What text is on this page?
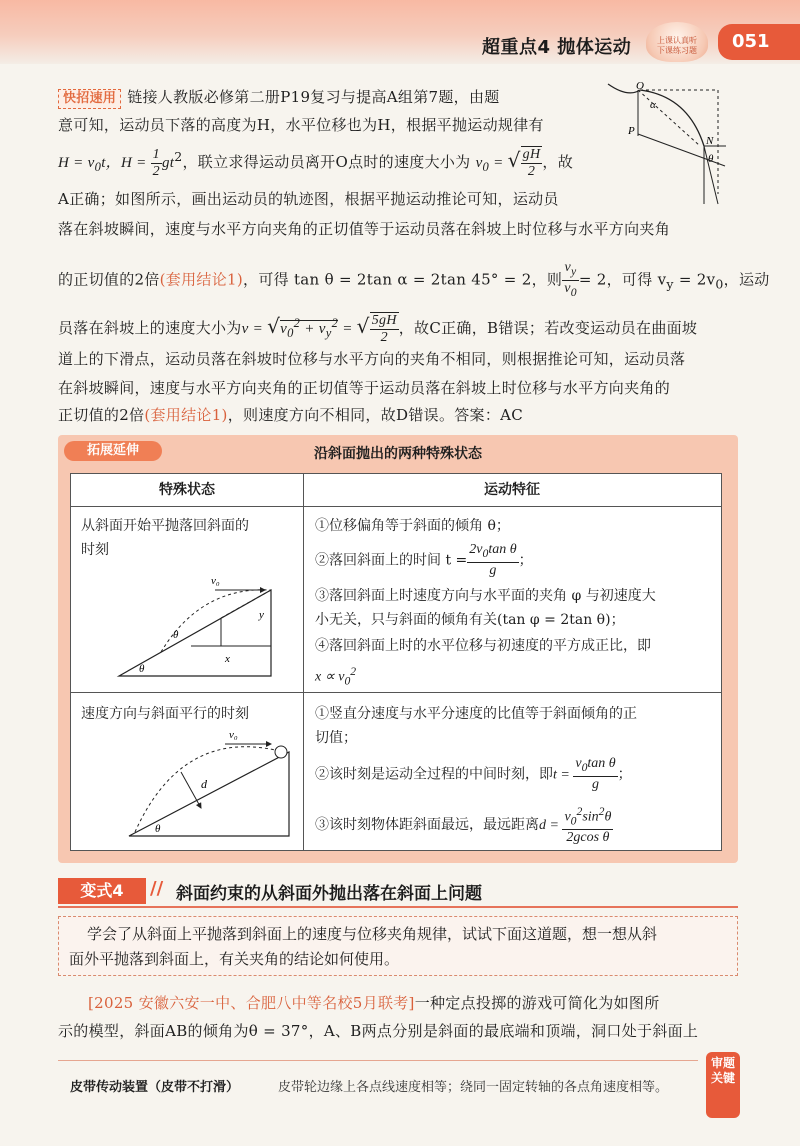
超重点4 抛体运动	上课认真听
下课练习题	051
快招速用 链接人教版必修第二册P19复习与提高A组第7题，由题
意可知，运动员下落的高度为H，水平位移也为H，根据平抛运动规律有
$H = v_0t$，$H = \frac{1}{2} gt^2$，联立求得运动员离开O点时的速度大小为 $v_0$ = √ $\frac{gH}{2}$ ，故
A正确；如图所示，画出运动员的轨迹图，根据平抛运动推论可知，运动员
落在斜坡瞬间，速度与水平方向夹角的正切值等于运动员落在斜坡上时位移与水平方向夹角
的正切值的2倍(套用结论1)，可得 tan θ = 2tan α = 2tan 45° = 2，则 $\frac{v_y}{v_0} = 2$，可得 $v_y = 2v_0$，运动
员落在斜坡上的速度大小为$v = √v_0^2 + v_y^2$ = √ $\frac{5gH}{2}$ ，故C正确，B错误；若改变运动员在曲面坡
道上的下滑点，运动员落在斜坡时位移与水平方向的夹角不相同，则根据推论可知，运动员落
在斜坡瞬间，速度与水平方向夹角的正切值等于运动员落在斜坡上时位移与水平方向夹角的
正切值的2倍(套用结论1)，则速度方向不相同，故D错误。答案：AC
O
α
P
N
θ
拓展延伸	沿斜面抛出的两种特殊状态
特殊状态	运动特征
从斜面开始平抛落回斜面的
时刻
v₀
y
θ
x
θ
①位移偏角等于斜面的倾角 θ；
②落回斜面上的时间 $t = \frac{2v_0\tan \theta}{g}$ ；
③落回斜面上时速度方向与水平面的夹角 φ 与初速度大
小无关，只与斜面的倾角有关(tan φ = 2tan θ)；
④落回斜面上时的水平位移与初速度的平方成正比，即
$x \propto v_0^2$
速度方向与斜面平行的时刻
v₀
d
θ
①竖直分速度与水平分速度的比值等于斜面倾角的正
切值；
②该时刻是运动全过程的中间时刻，即$t = \frac{v_0\tan \theta}{g}$ ；
③该时刻物体距斜面最远，最远距离$d = \frac{v_0^2\sin^2\theta}{\text{2gcos θ}}$
变式4	// 斜面约束的从斜面外抛出落在斜面上问题
学会了从斜面上平抛落到斜面上的速度与位移夹角规律，试试下面这道题，想一想从斜
面外平抛落到斜面上，有关夹角的结论如何使用。
[2025 安徽六安一中、合肥八中等名校5月联考]一种定点投掷的游戏可简化为如图所
示的模型，斜面AB的倾角为θ = 37°，A、B两点分别是斜面的最底端和顶端，洞口处于斜面上
皮带传动装置（皮带不打滑）	皮带轮边缘上各点线速度相等；绕同一固定转轴的各点角速度相等。
审题
关键
